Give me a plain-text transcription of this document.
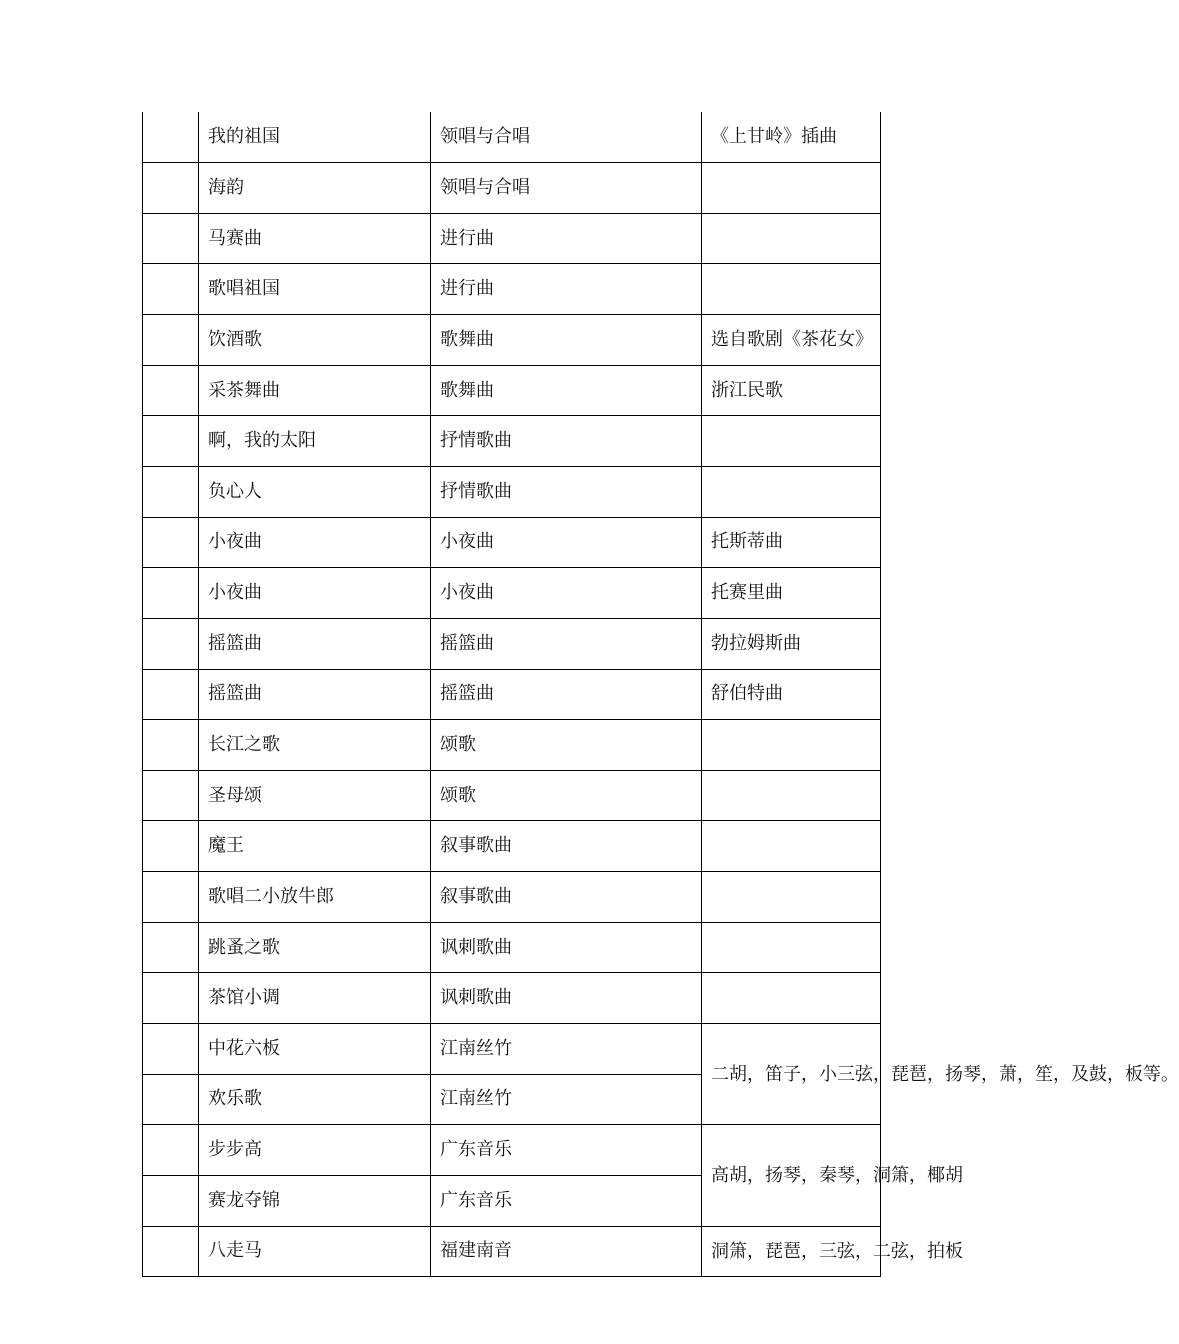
	我的祖国	领唱与合唱	《上甘岭》插曲
	海韵	领唱与合唱	
	马赛曲	进行曲	
	歌唱祖国	进行曲	
	饮酒歌	歌舞曲	选自歌剧《茶花女》
	采茶舞曲	歌舞曲	浙江民歌
	啊，我的太阳	抒情歌曲	
	负心人	抒情歌曲	
	小夜曲	小夜曲	托斯蒂曲
	小夜曲	小夜曲	托赛里曲
	摇篮曲	摇篮曲	勃拉姆斯曲
	摇篮曲	摇篮曲	舒伯特曲
	长江之歌	颂歌	
	圣母颂	颂歌	
	魔王	叙事歌曲	
	歌唱二小放牛郎	叙事歌曲	
	跳蚤之歌	讽刺歌曲	
	茶馆小调	讽刺歌曲	
	中花六板	江南丝竹	二胡，笛子，小三弦，琵琶，扬琴，萧，笙，及鼓，板等。
	欢乐歌	江南丝竹	
	步步高	广东音乐	高胡，扬琴，秦琴，洞箫，椰胡
	赛龙夺锦	广东音乐	
	八走马	福建南音	洞箫，琵琶，三弦，二弦，拍板
